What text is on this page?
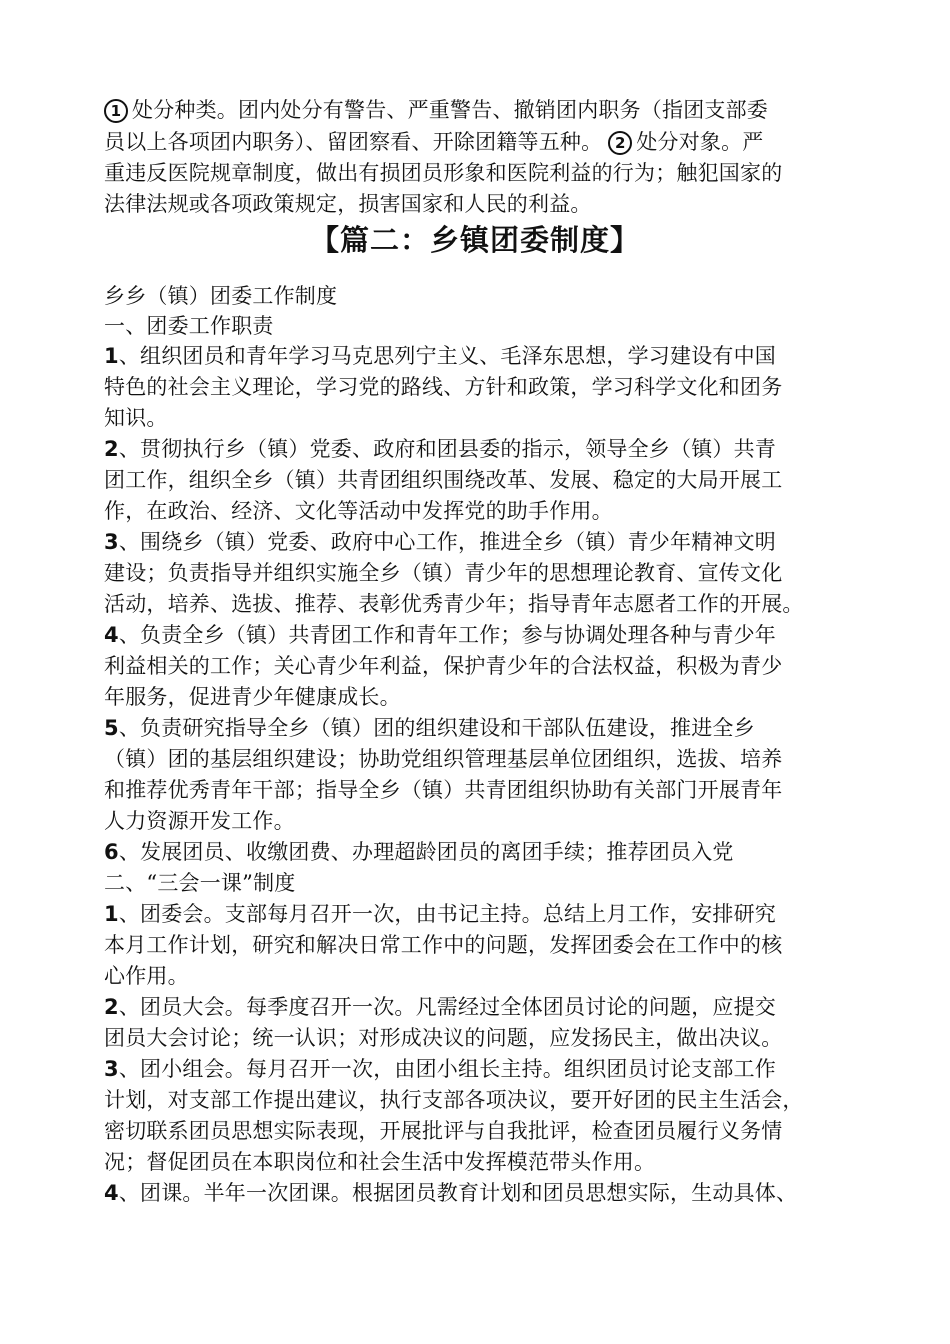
1 处分种类。团内处分有警告、严重警告、撤销团内职务（指团支部委
员以上各项团内职务）、留团察看、开除团籍等五种。 2 处分对象。严
重违反医院规章制度，做出有损团员形象和医院利益的行为；触犯国家的
法律法规或各项政策规定，损害国家和人民的利益。
【篇二：乡镇团委制度】
乡乡（镇）团委工作制度
一、团委工作职责
1、组织团员和青年学习马克思列宁主义、毛泽东思想，学习建设有中国
特色的社会主义理论，学习党的路线、方针和政策，学习科学文化和团务
知识。
2、贯彻执行乡（镇）党委、政府和团县委的指示，领导全乡（镇）共青
团工作，组织全乡（镇）共青团组织围绕改革、发展、稳定的大局开展工
作，在政治、经济、文化等活动中发挥党的助手作用。
3、围绕乡（镇）党委、政府中心工作，推进全乡（镇）青少年精神文明
建设；负责指导并组织实施全乡（镇）青少年的思想理论教育、宣传文化
活动，培养、选拔、推荐、表彰优秀青少年；指导青年志愿者工作的开展。
4、负责全乡（镇）共青团工作和青年工作；参与协调处理各种与青少年
利益相关的工作；关心青少年利益，保护青少年的合法权益，积极为青少
年服务，促进青少年健康成长。
5、负责研究指导全乡（镇）团的组织建设和干部队伍建设，推进全乡
（镇）团的基层组织建设；协助党组织管理基层单位团组织，选拔、培养
和推荐优秀青年干部；指导全乡（镇）共青团组织协助有关部门开展青年
人力资源开发工作。
6、发展团员、收缴团费、办理超龄团员的离团手续；推荐团员入党
二、“三会一课”制度
1、团委会。支部每月召开一次，由书记主持。总结上月工作，安排研究
本月工作计划，研究和解决日常工作中的问题，发挥团委会在工作中的核
心作用。
2、团员大会。每季度召开一次。凡需经过全体团员讨论的问题，应提交
团员大会讨论；统一认识；对形成决议的问题，应发扬民主，做出决议。
3、团小组会。每月召开一次，由团小组长主持。组织团员讨论支部工作
计划，对支部工作提出建议，执行支部各项决议，要开好团的民主生活会，
密切联系团员思想实际表现，开展批评与自我批评，检查团员履行义务情
况；督促团员在本职岗位和社会生活中发挥模范带头作用。
4、团课。半年一次团课。根据团员教育计划和团员思想实际，生动具体、
